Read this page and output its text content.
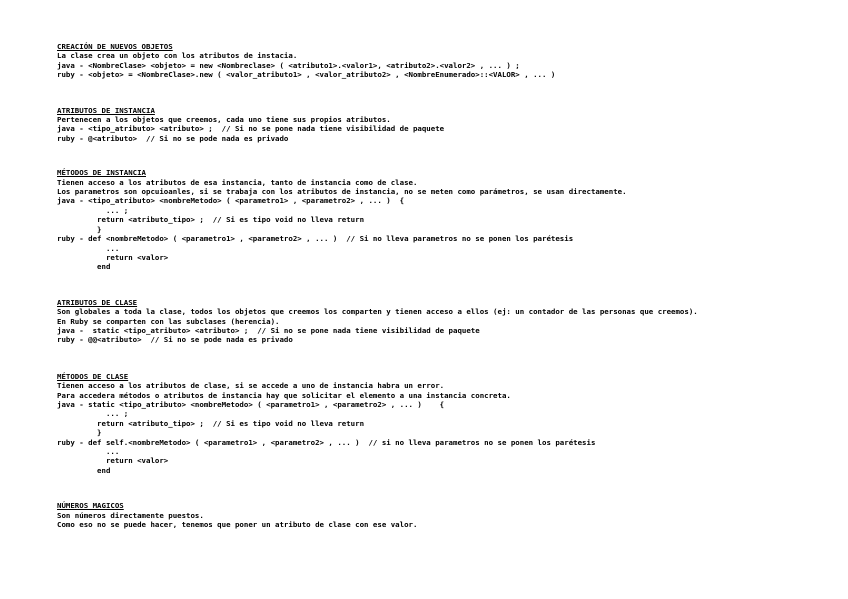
CREACIÓN DE NUEVOS OBJETOS
La clase crea un objeto con los atributos de instacia.
java - <NombreClase> <objeto> = new <Nombreclase> ( <atributo1>.<valor1>, <atributo2>.<valor2> , ... ) ;
ruby - <objeto> = <NombreClase>.new ( <valor_atributo1> , <valor_atributo2> , <NombreEnumerado>::<VALOR> , ... )
ATRIBUTOS DE INSTANCIA
Pertenecen a los objetos que creemos, cada uno tiene sus propios atributos.
java - <tipo_atributo> <atributo> ;  // Si no se pone nada tiene visibilidad de paquete
ruby - @<atributo>  // Si no se pode nada es privado
MÉTODOS DE INSTANCIA
Tienen acceso a los atributos de esa instancia, tanto de instancia como de clase.
Los parametros son opcuioanles, si se trabaja con los atributos de instancia, no se meten como parámetros, se usan directamente.
java - <tipo_atributo> <nombreMetodo> ( <parametro1> , <parametro2> , ... )  {
... ;
return <atributo_tipo> ;  // Si es tipo void no lleva return
}
ruby - def <nombreMetodo> ( <parametro1> , <parametro2> , ... )  // Si no lleva parametros no se ponen los parétesis
...
return <valor>
end
ATRIBUTOS DE CLASE
Son globales a toda la clase, todos los objetos que creemos los comparten y tienen acceso a ellos (ej: un contador de las personas que creemos).
En Ruby se comparten con las subclases (herencia).
java -  static <tipo_atributo> <atributo> ;  // Si no se pone nada tiene visibilidad de paquete
ruby - @@<atributo>  // Si no se pode nada es privado
MÉTODOS DE CLASE
Tienen acceso a los atributos de clase, si se accede a uno de instancia habra un error.
Para accedera métodos o atributos de instancia hay que solicitar el elemento a una instancia concreta.
java - static <tipo_atributo> <nombreMetodo> ( <parametro1> , <parametro2> , ... )    {
... ;
return <atributo_tipo> ;  // Si es tipo void no lleva return
}
ruby - def self.<nombreMetodo> ( <parametro1> , <parametro2> , ... )  // si no lleva parametros no se ponen los parétesis
...
return <valor>
end
NÚMEROS MAGICOS
Son números directamente puestos.
Como eso no se puede hacer, tenemos que poner un atributo de clase con ese valor.
